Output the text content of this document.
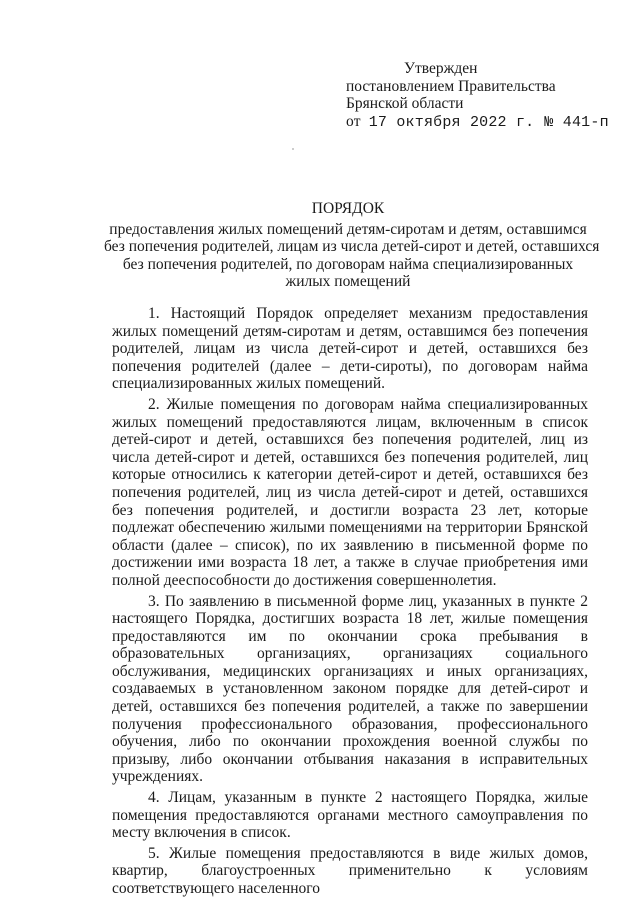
Утвержден
постановлением Правительства
Брянской области
от 17 октября 2022 г. № 441-п
ПОРЯДОК
предоставления жилых помещений детям-сиротам и детям, оставшимся
без попечения родителей, лицам из числа детей-сирот и детей, оставшихся
без попечения родителей, по договорам найма специализированных
жилых помещений

1. Настоящий Порядок определяет механизм предоставления жилых помещений детям-сиротам и детям, оставшимся без попечения родителей, лицам из числа детей-сирот и детей, оставшихся без попечения родителей (далее – дети-сироты), по договорам найма специализированных жилых помещений.

2. Жилые помещения по договорам найма специализированных жилых помещений предоставляются лицам, включенным в список детей-сирот и детей, оставшихся без попечения родителей, лиц из числа детей-сирот и детей, оставшихся без попечения родителей, лиц которые относились к категории детей-сирот и детей, оставшихся без попечения родителей, лиц из числа детей-сирот и детей, оставшихся без попечения родителей, и достигли возраста 23 лет, которые подлежат обеспечению жилыми помещениями на территории Брянской области (далее – список), по их заявлению в письменной форме по достижении ими возраста 18 лет, а также в случае приобретения ими полной дееспособности до достижения совершеннолетия.

3. По заявлению в письменной форме лиц, указанных в пункте 2 настоящего Порядка, достигших возраста 18 лет, жилые помещения предоставляются им по окончании срока пребывания в образовательных организациях, организациях социального обслуживания, медицинских организациях и иных организациях, создаваемых в установленном законом порядке для детей-сирот и детей, оставшихся без попечения родителей, а также по завершении получения профессионального образования, профессионального обучения, либо по окончании прохождения военной службы по призыву, либо окончании отбывания наказания в исправительных учреждениях.

4. Лицам, указанным в пункте 2 настоящего Порядка, жилые помещения предоставляются органами местного самоуправления по месту включения в список.

5. Жилые помещения предоставляются в виде жилых домов, квартир, благоустроенных применительно к условиям соответствующего населенного
